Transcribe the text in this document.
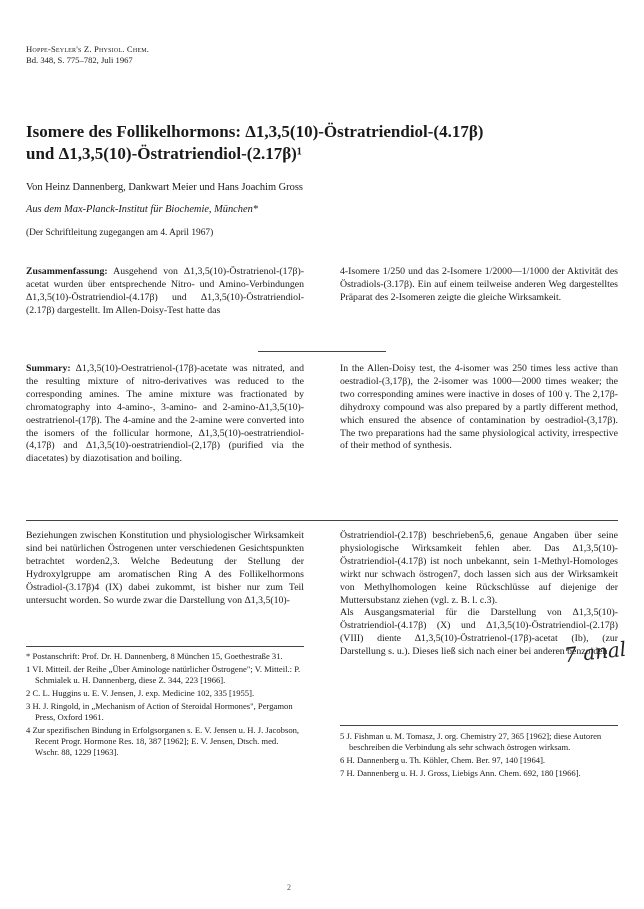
Hoppe-Seyler's Z. Physiol. Chem.
Bd. 348, S. 775–782, Juli 1967
Isomere des Follikelhormons: Δ1,3,5(10)-Östratriendiol-(4.17β)
und Δ1,3,5(10)-Östratriendiol-(2.17β)¹
Von Heinz Dannenberg, Dankwart Meier und Hans Joachim Gross
Aus dem Max-Planck-Institut für Biochemie, München*
(Der Schriftleitung zugegangen am 4. April 1967)

Zusammenfassung: Ausgehend von Δ1,3,5(10)-Östratrienol-(17β)-acetat wurden über entsprechende Nitro- und Amino-Verbindungen Δ1,3,5(10)-Östratriendiol-(4.17β) und Δ1,3,5(10)-Östratriendiol-(2.17β) dargestellt. Im Allen-Doisy-Test hatte das

4-Isomere 1/250 und das 2-Isomere 1/2000—1/1000 der Aktivität des Östradiols-(3.17β). Ein auf einem teilweise anderen Weg dargestelltes Präparat des 2-Isomeren zeigte die gleiche Wirksamkeit.

Summary: Δ1,3,5(10)-Oestratrienol-(17β)-acetate was nitrated, and the resulting mixture of nitro-derivatives was reduced to the corresponding amines. The amine mixture was fractionated by chromatography into 4-amino-, 3-amino- and 2-amino-Δ1,3,5(10)-oestratrienol-(17β). The 4-amine and the 2-amine were converted into the isomers of the follicular hormone, Δ1,3,5(10)-oestratriendiol-(4,17β) and Δ1,3,5(10)-oestratriendiol-(2,17β) (purified via the diacetates) by diazotisation and boiling.

In the Allen-Doisy test, the 4-isomer was 250 times less active than oestradiol-(3,17β), the 2-isomer was 1000—2000 times weaker; the two corresponding amines were inactive in doses of 100 γ. The 2,17β-dihydroxy compound was also prepared by a partly different method, which ensured the absence of contamination by oestradiol-(3,17β). The two preparations had the same physiological activity, irrespective of their method of synthesis.

Beziehungen zwischen Konstitution und physiologischer Wirksamkeit sind bei natürlichen Östrogenen unter verschiedenen Gesichtspunkten betrachtet worden2,3. Welche Bedeutung der Stellung der Hydroxylgruppe am aromatischen Ring A des Follikelhormons Östradiol-(3.17β)4 (IX) dabei zukommt, ist bisher nur zum Teil untersucht worden. So wurde zwar die Darstellung von Δ1,3,5(10)-

Östratriendiol-(2.17β) beschrieben5,6, genaue Angaben über seine physiologische Wirksamkeit fehlen aber. Das Δ1,3,5(10)-Östratriendiol-(4.17β) ist noch unbekannt, sein 1-Methyl-Homologes wirkt nur schwach östrogen7, doch lassen sich aus der Wirksamkeit von Methylhomologen keine Rückschlüsse auf diejenige der Muttersubstanz ziehen (vgl. z. B. l. c.3).

Als Ausgangsmaterial für die Darstellung von Δ1,3,5(10)-Östratriendiol-(4.17β) (X) und Δ1,3,5(10)-Östratriendiol-(2.17β) (VIII) diente Δ1,3,5(10)-Östratrienol-(17β)-acetat (Ib), (zur Darstellung s. u.). Dieses ließ sich nach einer bei anderen benzoiden

* Postanschrift: Prof. Dr. H. Dannenberg, 8 München 15, Goethestraße 31.
1 VI. Mitteil. der Reihe „Über Aminologe natürlicher Östrogene"; V. Mitteil.: P. Schmialek u. H. Dannenberg, diese Z. 344, 223 [1966].
2 C. L. Huggins u. E. V. Jensen, J. exp. Medicine 102, 335 [1955].
3 H. J. Ringold, in „Mechanism of Action of Steroidal Hormones", Pergamon Press, Oxford 1961.
4 Zur spezifischen Bindung in Erfolgsorganen s. E. V. Jensen u. H. J. Jacobson, Recent Progr. Hormone Res. 18, 387 [1962]; E. V. Jensen, Dtsch. med. Wschr. 88, 1229 [1963].
5 J. Fishman u. M. Tomasz, J. org. Chemistry 27, 365 [1962]; diese Autoren beschreiben die Verbindung als sehr schwach östrogen wirksam.
6 H. Dannenberg u. Th. Köhler, Chem. Ber. 97, 140 [1964].
7 H. Dannenberg u. H. J. Gross, Liebigs Ann. Chem. 692, 180 [1966].
7 anal
2
